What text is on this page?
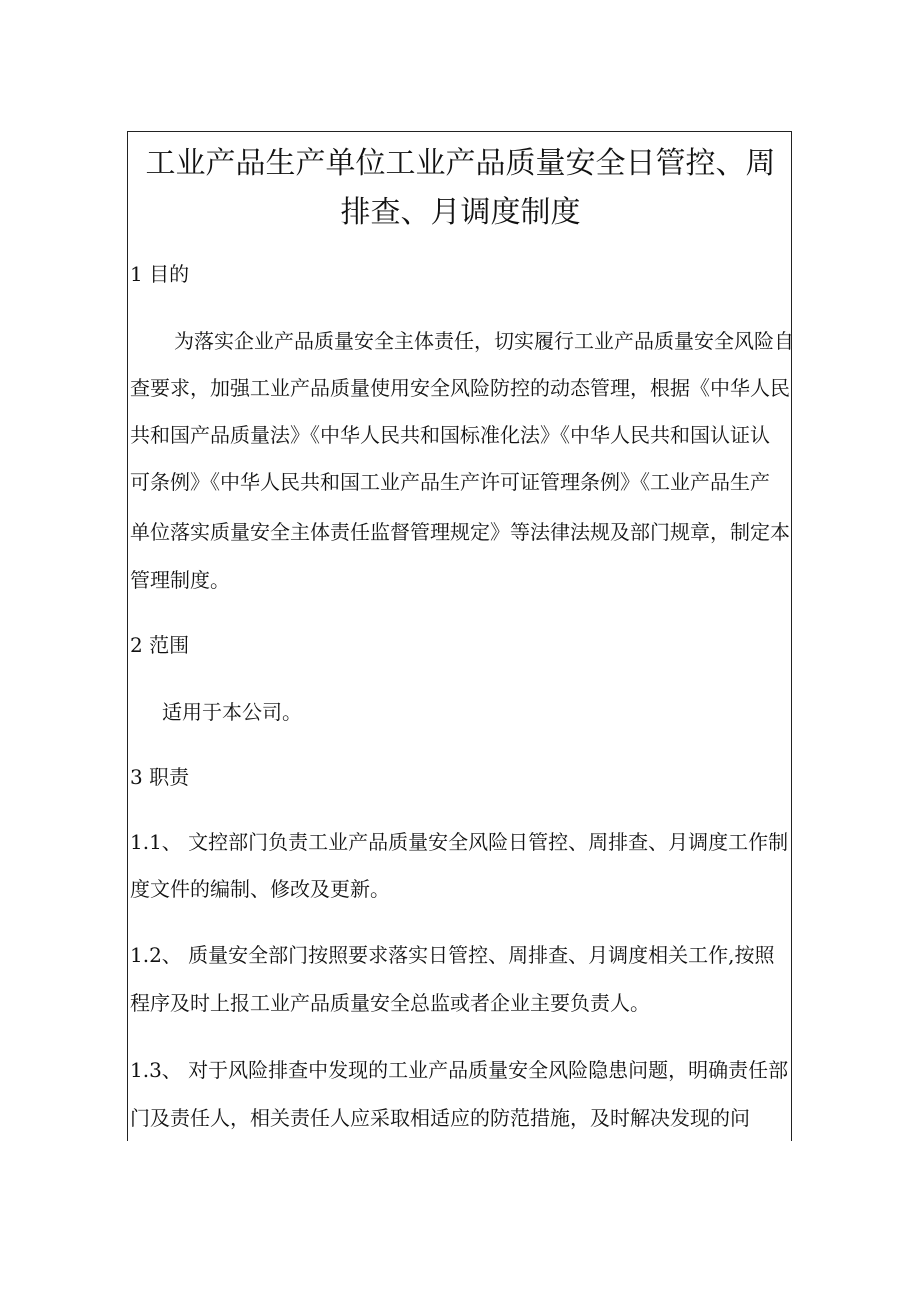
工业产品生产单位工业产品质量安全日管控、周
排查、月调度制度

1 目的

为落实企业产品质量安全主体责任，切实履行工业产品质量安全风险自

查要求，加强工业产品质量使用安全风险防控的动态管理，根据《中华人民

共和国产品质量法》《中华人民共和国标准化法》《中华人民共和国认证认

可条例》《中华人民共和国工业产品生产许可证管理条例》《工业产品生产

单位落实质量安全主体责任监督管理规定》等法律法规及部门规章，制定本

管理制度。

2 范围

适用于本公司。

3 职责

1.1、 文控部门负责工业产品质量安全风险日管控、周排查、月调度工作制

度文件的编制、修改及更新。

1.2、 质量安全部门按照要求落实日管控、周排查、月调度相关工作,按照

程序及时上报工业产品质量安全总监或者企业主要负责人。

1.3、 对于风险排查中发现的工业产品质量安全风险隐患问题，明确责任部

门及责任人，相关责任人应采取相适应的防范措施，及时解决发现的问
